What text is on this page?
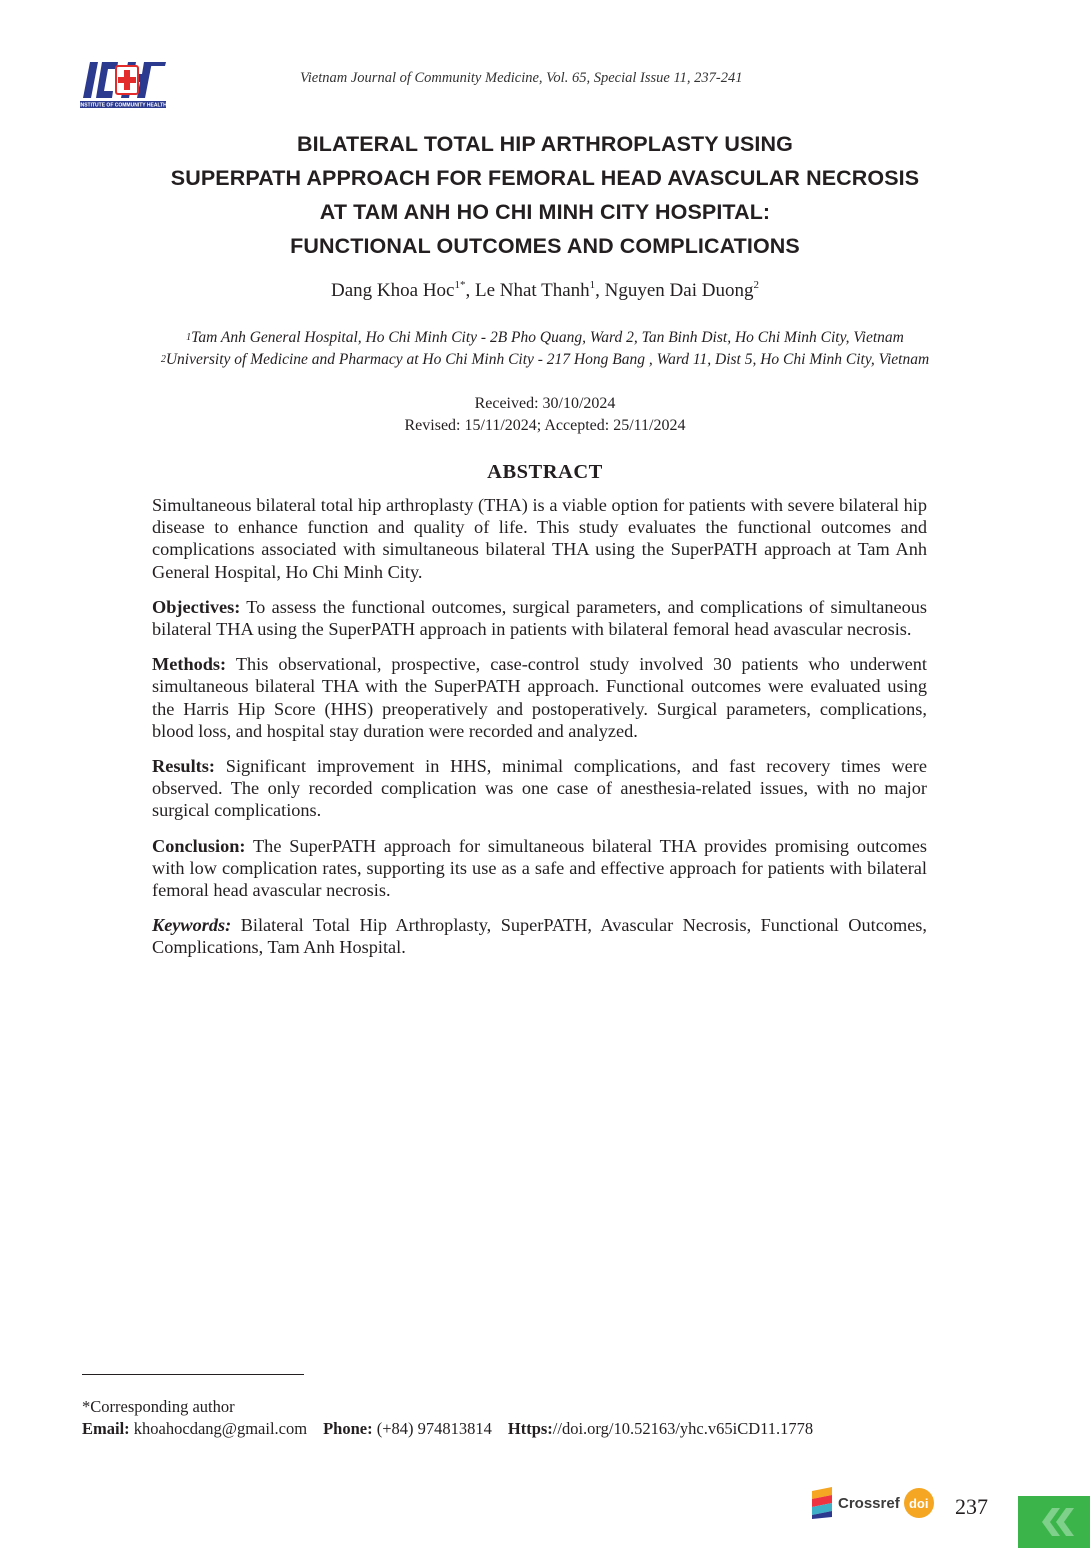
INSTITUTE OF COMMUNITY HEALTH
Vietnam Journal of Community Medicine, Vol. 65, Special Issue 11, 237-241
BILATERAL TOTAL HIP ARTHROPLASTY USING
SUPERPATH APPROACH FOR FEMORAL HEAD AVASCULAR NECROSIS
AT TAM ANH HO CHI MINH CITY HOSPITAL:
FUNCTIONAL OUTCOMES AND COMPLICATIONS
Dang Khoa Hoc$^{1*}$, Le Nhat Thanh$^1$, Nguyen Dai Duong$^2$
$^1$Tam Anh General Hospital, Ho Chi Minh City - 2B Pho Quang, Ward 2, Tan Binh Dist, Ho Chi Minh City, Vietnam
$^2$University of Medicine and Pharmacy at Ho Chi Minh City - 217 Hong Bang , Ward 11, Dist 5, Ho Chi Minh City, Vietnam
Received: 30/10/2024
Revised: 15/11/2024; Accepted: 25/11/2024
ABSTRACT

Simultaneous bilateral total hip arthroplasty (THA) is a viable option for patients with severe bilateral hip disease to enhance function and quality of life. This study evaluates the functional outcomes and complications associated with simultaneous bilateral THA using the SuperPATH approach at Tam Anh General Hospital, Ho Chi Minh City.

Objectives: To assess the functional outcomes, surgical parameters, and complications of simultaneous bilateral THA using the SuperPATH approach in patients with bilateral femoral head avascular necrosis.

Methods: This observational, prospective, case-control study involved 30 patients who underwent simultaneous bilateral THA with the SuperPATH approach. Functional outcomes were evaluated using the Harris Hip Score (HHS) preoperatively and postoperatively. Surgical parameters, complications, blood loss, and hospital stay duration were recorded and analyzed.

Results: Significant improvement in HHS, minimal complications, and fast recovery times were observed. The only recorded complication was one case of anesthesia-related issues, with no major surgical complications.

Conclusion: The SuperPATH approach for simultaneous bilateral THA provides promising outcomes with low complication rates, supporting its use as a safe and effective approach for patients with bilateral femoral head avascular necrosis.

Keywords: Bilateral Total Hip Arthroplasty, SuperPATH, Avascular Necrosis, Functional Outcomes, Complications, Tam Anh Hospital.

*Corresponding author
Email: khoahocdang@gmail.com Phone: (+84) 974813814 Https://doi.org/10.52163/yhc.v65iCD11.1778
Crossref doi 237
